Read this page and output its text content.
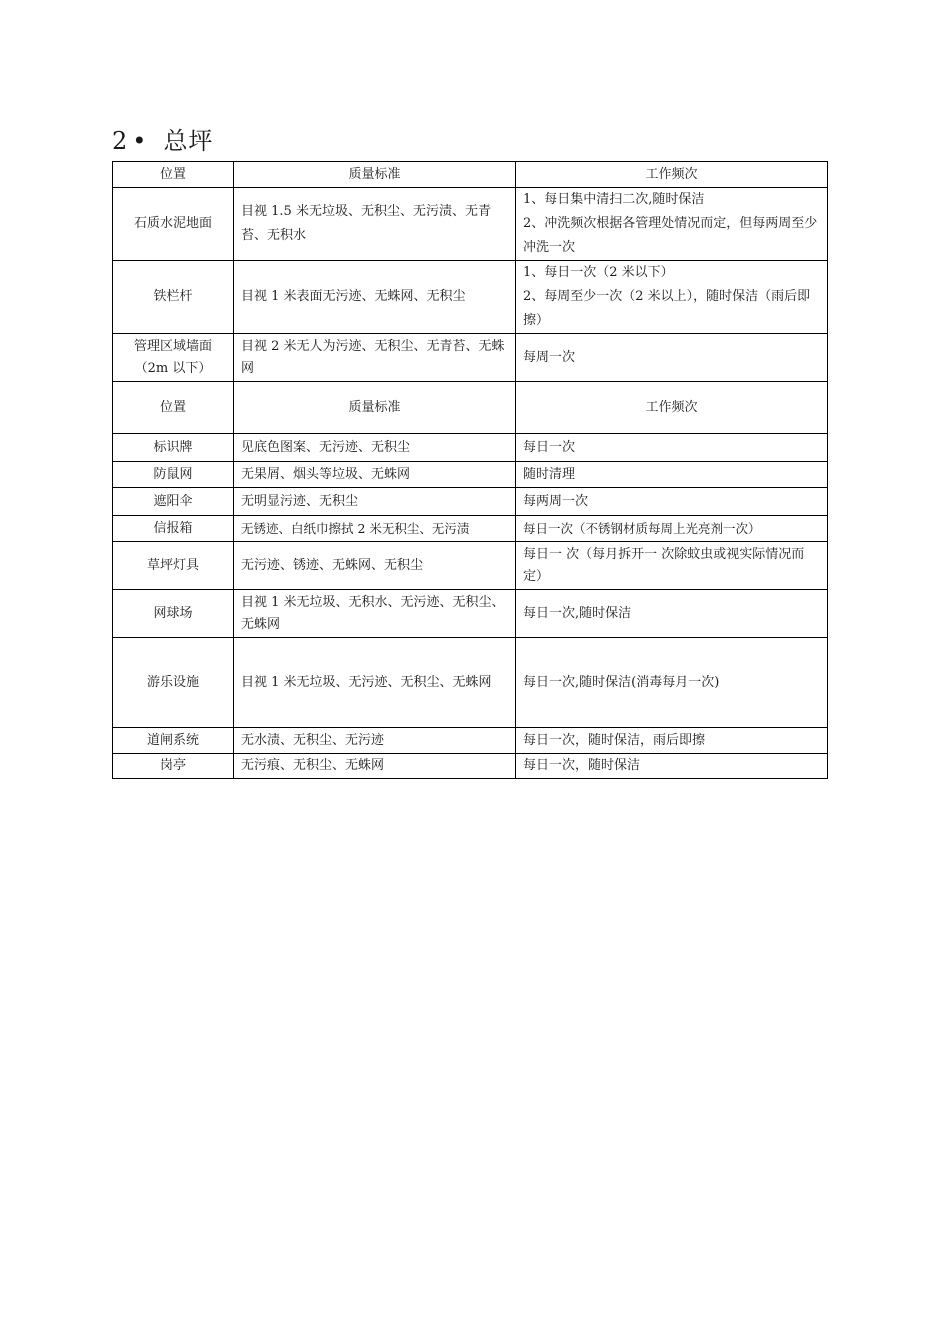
2 • 总坪
位置	质量标准	工作频次
石质水泥地面	目视 1.5 米无垃圾、无积尘、无污渍、无青苔、无积水	1、每日集中清扫二次,随时保洁
2、冲洗频次根据各管理处情况而定，但每两周至少冲洗一次

铁栏杆	目视 1 米表面无污迹、无蛛网、无积尘	1、每日一次（2 米以下）
2、每周至少一次（2 米以上），随时保洁（雨后即擦）

管理区域墙面（2m 以下）	目视 2 米无人为污迹、无积尘、无青苔、无蛛网	每周一次
位置	质量标准	工作频次
标识牌	见底色图案、无污迹、无积尘	每日一次
防鼠网	无果屑、烟头等垃圾、无蛛网	随时清理
遮阳伞	无明显污迹、无积尘	每两周一次
信报箱	无锈迹、白纸巾擦拭 2 米无积尘、无污渍	每日一次（不锈钢材质每周上光亮剂一次）
草坪灯具	无污迹、锈迹、无蛛网、无积尘	每日一 次（每月拆开一 次除蚊虫或视实际情况而定）
网球场	目视 1 米无垃圾、无积水、无污迹、无积尘、无蛛网	每日一次,随时保洁
游乐设施	目视 1 米无垃圾、无污迹、无积尘、无蛛网	每日一次,随时保洁(消毒每月一次)
道闸系统	无水渍、无积尘、无污迹	每日一次，随时保洁，雨后即擦
岗亭	无污痕、无积尘、无蛛网	每日一次，随时保洁
